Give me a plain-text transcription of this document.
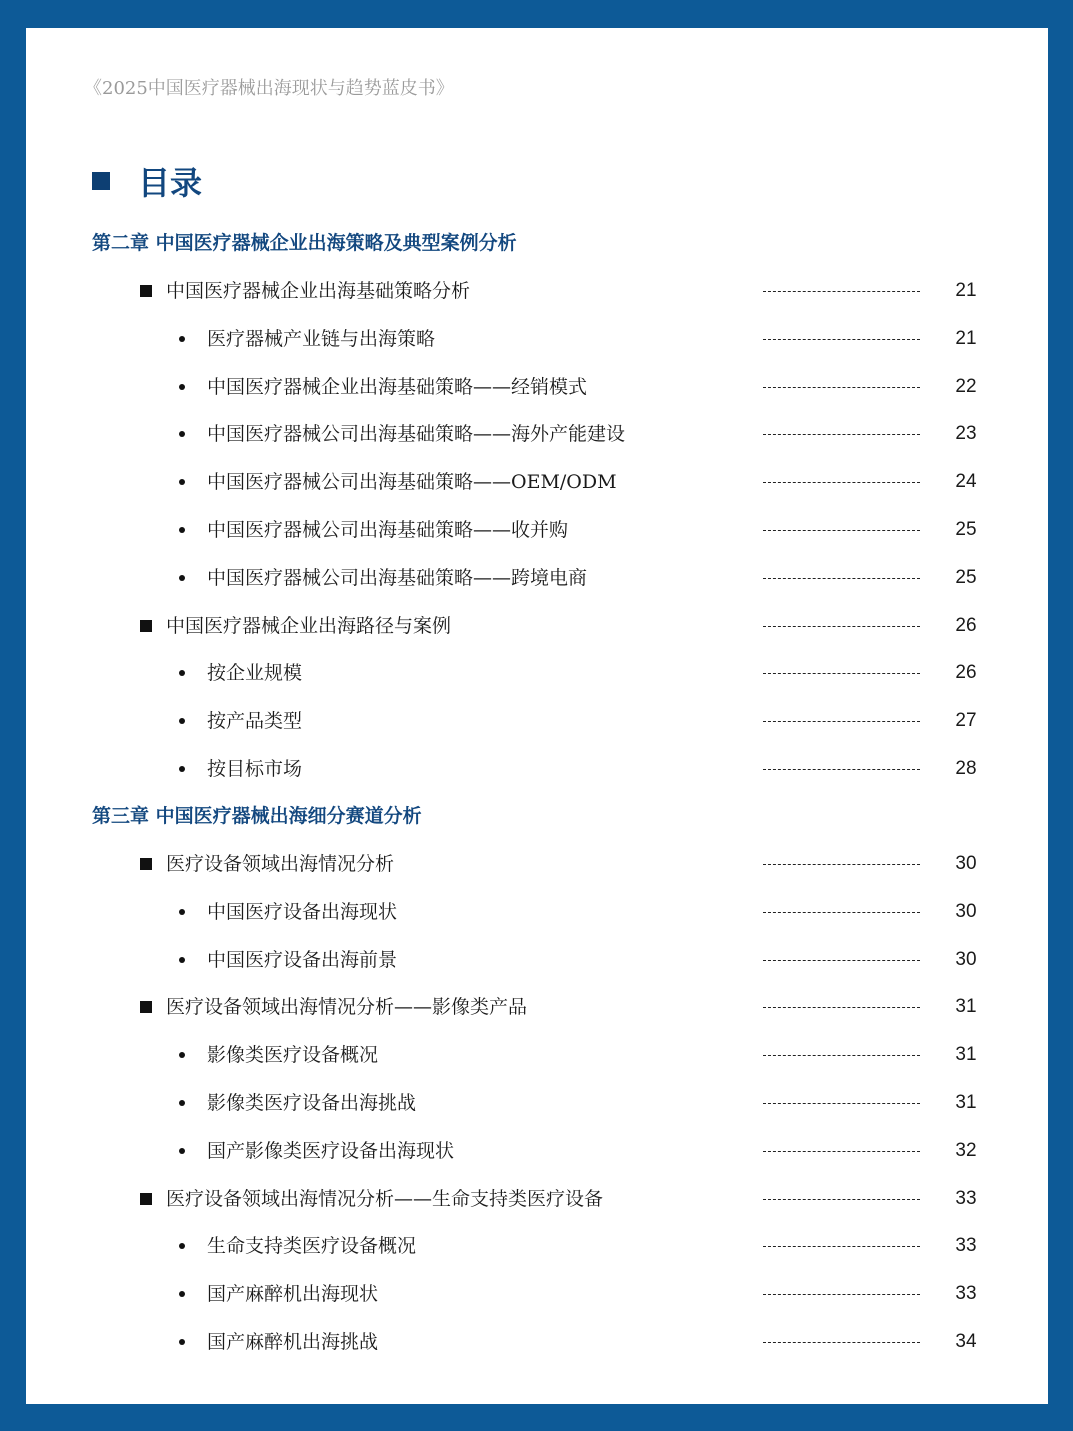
《2025中国医疗器械出海现状与趋势蓝皮书》
目录
中国医疗器械企业出海基础策略分析	21
医疗器械产业链与出海策略	21
中国医疗器械企业出海基础策略——经销模式	22
中国医疗器械公司出海基础策略——海外产能建设	23
中国医疗器械公司出海基础策略——OEM/ODM	24
中国医疗器械公司出海基础策略——收并购	25
中国医疗器械公司出海基础策略——跨境电商	25
中国医疗器械企业出海路径与案例	26
按企业规模	26
按产品类型	27
按目标市场	28
医疗设备领域出海情况分析	30
中国医疗设备出海现状	30
中国医疗设备出海前景	30
医疗设备领域出海情况分析——影像类产品	31
影像类医疗设备概况	31
影像类医疗设备出海挑战	31
国产影像类医疗设备出海现状	32
医疗设备领域出海情况分析——生命支持类医疗设备	33
生命支持类医疗设备概况	33
国产麻醉机出海现状	33
国产麻醉机出海挑战	34
第二章 中国医疗器械企业出海策略及典型案例分析
第三章 中国医疗器械出海细分赛道分析
